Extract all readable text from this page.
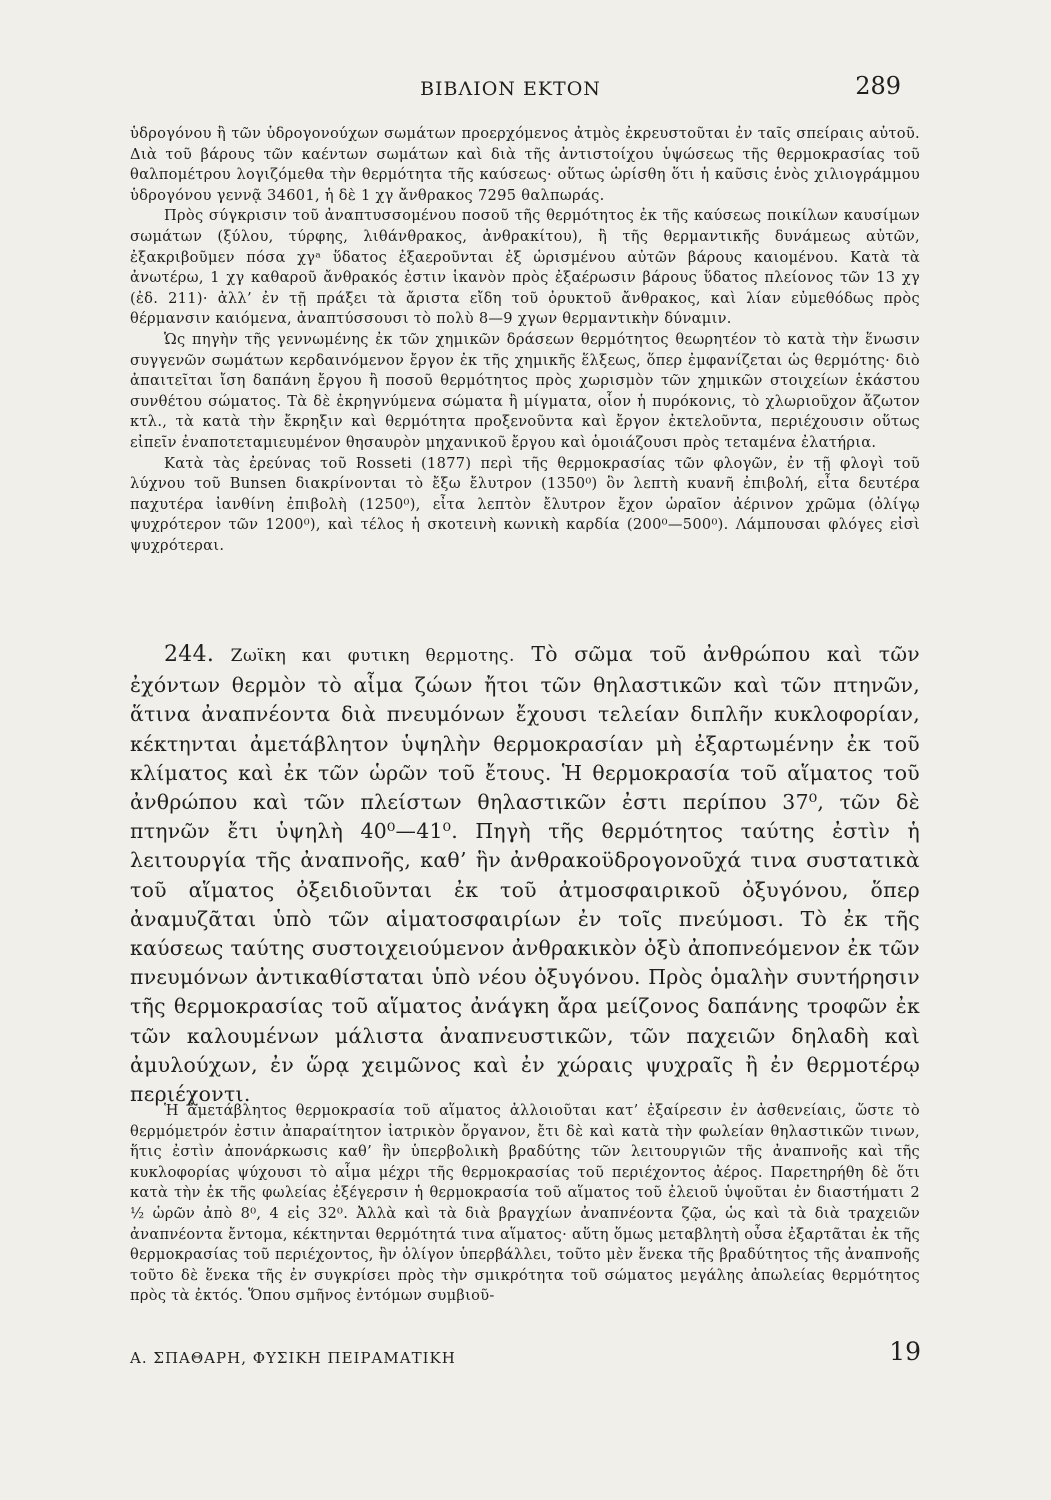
ΒΙΒΛΙΟΝ ΕΚΤΟΝ	289

ὑδρογόνου ἢ τῶν ὑδρογονούχων σωμάτων προερχόμενος ἀτμὸς ἐκρευστοῦται ἐν ταῖς σπείραις αὐτοῦ. Διὰ τοῦ βάρους τῶν καέντων σωμάτων καὶ διὰ τῆς ἀντιστοίχου ὑψώσεως τῆς θερμοκρασίας τοῦ θαλπομέτρου λογιζόμεθα τὴν θερμότητα τῆς καύσεως· οὕτως ὡρίσθη ὅτι ἡ καῦσις ἑνὸς χιλιογράμμου ὑδρογόνου γεννᾷ 34601, ἡ δὲ 1 χγ ἄνθρακος 7295 θαλπωράς.

Πρὸς σύγκρισιν τοῦ ἀναπτυσσομένου ποσοῦ τῆς θερμότητος ἐκ τῆς καύσεως ποικίλων καυσίμων σωμάτων (ξύλου, τύρφης, λιθάνθρακος, ἀνθρακίτου), ἢ τῆς θερμαντικῆς δυνάμεως αὐτῶν, ἐξακριβοῦμεν πόσα χγᵃ ὕδατος ἐξαεροῦνται ἐξ ὡρισμένου αὐτῶν βάρους καιομένου. Κατὰ τὰ ἀνωτέρω, 1 χγ καθαροῦ ἄνθρακός ἐστιν ἱκανὸν πρὸς ἐξαέρωσιν βάρους ὕδατος πλείονος τῶν 13 χγ (ἐδ. 211)· ἀλλ’ ἐν τῇ πράξει τὰ ἄριστα εἴδη τοῦ ὀρυκτοῦ ἄνθρακος, καὶ λίαν εὐμεθόδως πρὸς θέρμανσιν καιόμενα, ἀναπτύσσουσι τὸ πολὺ 8—9 χγων θερμαντικὴν δύναμιν.

Ὡς πηγὴν τῆς γεννωμένης ἐκ τῶν χημικῶν δράσεων θερμότητος θεωρητέον τὸ κατὰ τὴν ἕνωσιν συγγενῶν σωμάτων κερδαινόμενον ἔργον ἐκ τῆς χημικῆς ἕλξεως, ὅπερ ἐμφανίζεται ὡς θερμότης· διὸ ἀπαιτεῖται ἴση δαπάνη ἔργου ἢ ποσοῦ θερμότητος πρὸς χωρισμὸν τῶν χημικῶν στοιχείων ἑκάστου συνθέτου σώματος. Τὰ δὲ ἐκρηγνύμενα σώματα ἢ μίγματα, οἷον ἡ πυρόκονις, τὸ χλωριοῦχον ἄζωτον κτλ., τὰ κατὰ τὴν ἔκρηξιν καὶ θερμότητα προξενοῦντα καὶ ἔργον ἐκτελοῦντα, περιέχουσιν οὕτως εἰπεῖν ἐναποτεταμιευμένον θησαυρὸν μηχανικοῦ ἔργου καὶ ὁμοιάζουσι πρὸς τεταμένα ἐλατήρια.

Κατὰ τὰς ἐρεύνας τοῦ Rosseti (1877) περὶ τῆς θερμοκρασίας τῶν φλογῶν, ἐν τῇ φλογὶ τοῦ λύχνου τοῦ Bunsen διακρίνονται τὸ ἔξω ἔλυτρον (1350⁰) ὃν λεπτὴ κυανῆ ἐπιβολή, εἶτα δευτέρα παχυτέρα ἰανθίνη ἐπιβολὴ (1250⁰), εἶτα λεπτὸν ἔλυτρον ἔχον ὡραῖον ἀέρινον χρῶμα (ὀλίγῳ ψυχρότερον τῶν 1200⁰), καὶ τέλος ἡ σκοτεινὴ κωνικὴ καρδία (200⁰—500⁰). Λάμπουσαι φλόγες εἰσὶ ψυχρότεραι.

244. Ζωϊκη και φυτικη θερμοτης. Τὸ σῶμα τοῦ ἀνθρώπου καὶ τῶν ἐχόντων θερμὸν τὸ αἷμα ζώων ἤτοι τῶν θηλαστικῶν καὶ τῶν πτηνῶν, ἅτινα ἀναπνέοντα διὰ πνευμόνων ἔχουσι τελείαν διπλῆν κυκλοφορίαν, κέκτηνται ἀμετάβλητον ὑψηλὴν θερμοκρασίαν μὴ ἐξαρτωμένην ἐκ τοῦ κλίματος καὶ ἐκ τῶν ὡρῶν τοῦ ἔτους. Ἡ θερμοκρασία τοῦ αἵματος τοῦ ἀνθρώπου καὶ τῶν πλείστων θηλαστικῶν ἐστι περίπου 37⁰, τῶν δὲ πτηνῶν ἔτι ὑψηλὴ 40⁰—41⁰. Πηγὴ τῆς θερμότητος ταύτης ἐστὶν ἡ λειτουργία τῆς ἀναπνοῆς, καθ’ ἣν ἀνθρακοϋδρογονοῦχά τινα συστατικὰ τοῦ αἵματος ὀξειδιοῦνται ἐκ τοῦ ἀτμοσφαιρικοῦ ὀξυγόνου, ὅπερ ἀναμυζᾶται ὑπὸ τῶν αἱματοσφαιρίων ἐν τοῖς πνεύμοσι. Τὸ ἐκ τῆς καύσεως ταύτης συστοιχειούμενον ἀνθρακικὸν ὀξὺ ἀποπνεόμενον ἐκ τῶν πνευμόνων ἀντικαθίσταται ὑπὸ νέου ὀξυγόνου. Πρὸς ὁμαλὴν συντήρησιν τῆς θερμοκρασίας τοῦ αἵματος ἀνάγκη ἄρα μείζονος δαπάνης τροφῶν ἐκ τῶν καλουμένων μάλιστα ἀναπνευστικῶν, τῶν παχειῶν δηλαδὴ καὶ ἀμυλούχων, ἐν ὥρᾳ χειμῶνος καὶ ἐν χώραις ψυχραῖς ἢ ἐν θερμοτέρῳ περιέχοντι.

Ἡ ἀμετάβλητος θερμοκρασία τοῦ αἵματος ἀλλοιοῦται κατ’ ἐξαίρεσιν ἐν ἀσθενείαις, ὥστε τὸ θερμόμετρόν ἐστιν ἀπαραίτητον ἰατρικὸν ὄργανον, ἔτι δὲ καὶ κατὰ τὴν φωλείαν θηλαστικῶν τινων, ἥτις ἐστὶν ἀπονάρκωσις καθ’ ἣν ὑπερβολικὴ βραδύτης τῶν λειτουργιῶν τῆς ἀναπνοῆς καὶ τῆς κυκλοφορίας ψύχουσι τὸ αἷμα μέχρι τῆς θερμοκρασίας τοῦ περιέχοντος ἀέρος. Παρετηρήθη δὲ ὅτι κατὰ τὴν ἐκ τῆς φωλείας ἐξέγερσιν ἡ θερμοκρασία τοῦ αἵματος τοῦ ἐλειοῦ ὑψοῦται ἐν διαστήματι 2 ½ ὡρῶν ἀπὸ 8⁰, 4 εἰς 32⁰. Ἀλλὰ καὶ τὰ διὰ βραγχίων ἀναπνέοντα ζῷα, ὡς καὶ τὰ διὰ τραχειῶν ἀναπνέοντα ἔντομα, κέκτηνται θερμότητά τινα αἵματος· αὕτη ὅμως μεταβλητὴ οὖσα ἐξαρτᾶται ἐκ τῆς θερμοκρασίας τοῦ περιέχοντος, ἣν ὀλίγον ὑπερβάλλει, τοῦτο μὲν ἕνεκα τῆς βραδύτητος τῆς ἀναπνοῆς τοῦτο δὲ ἕνεκα τῆς ἐν συγκρίσει πρὸς τὴν σμικρότητα τοῦ σώματος μεγάλης ἀπωλείας θερμότητος πρὸς τὰ ἐκτός. Ὅπου σμῆνος ἐντόμων συμβιοῦ-

Α. ΣΠΑΘΑΡΗ, ΦΥΣΙΚΗ ΠΕΙΡΑΜΑΤΙΚΗ	19
